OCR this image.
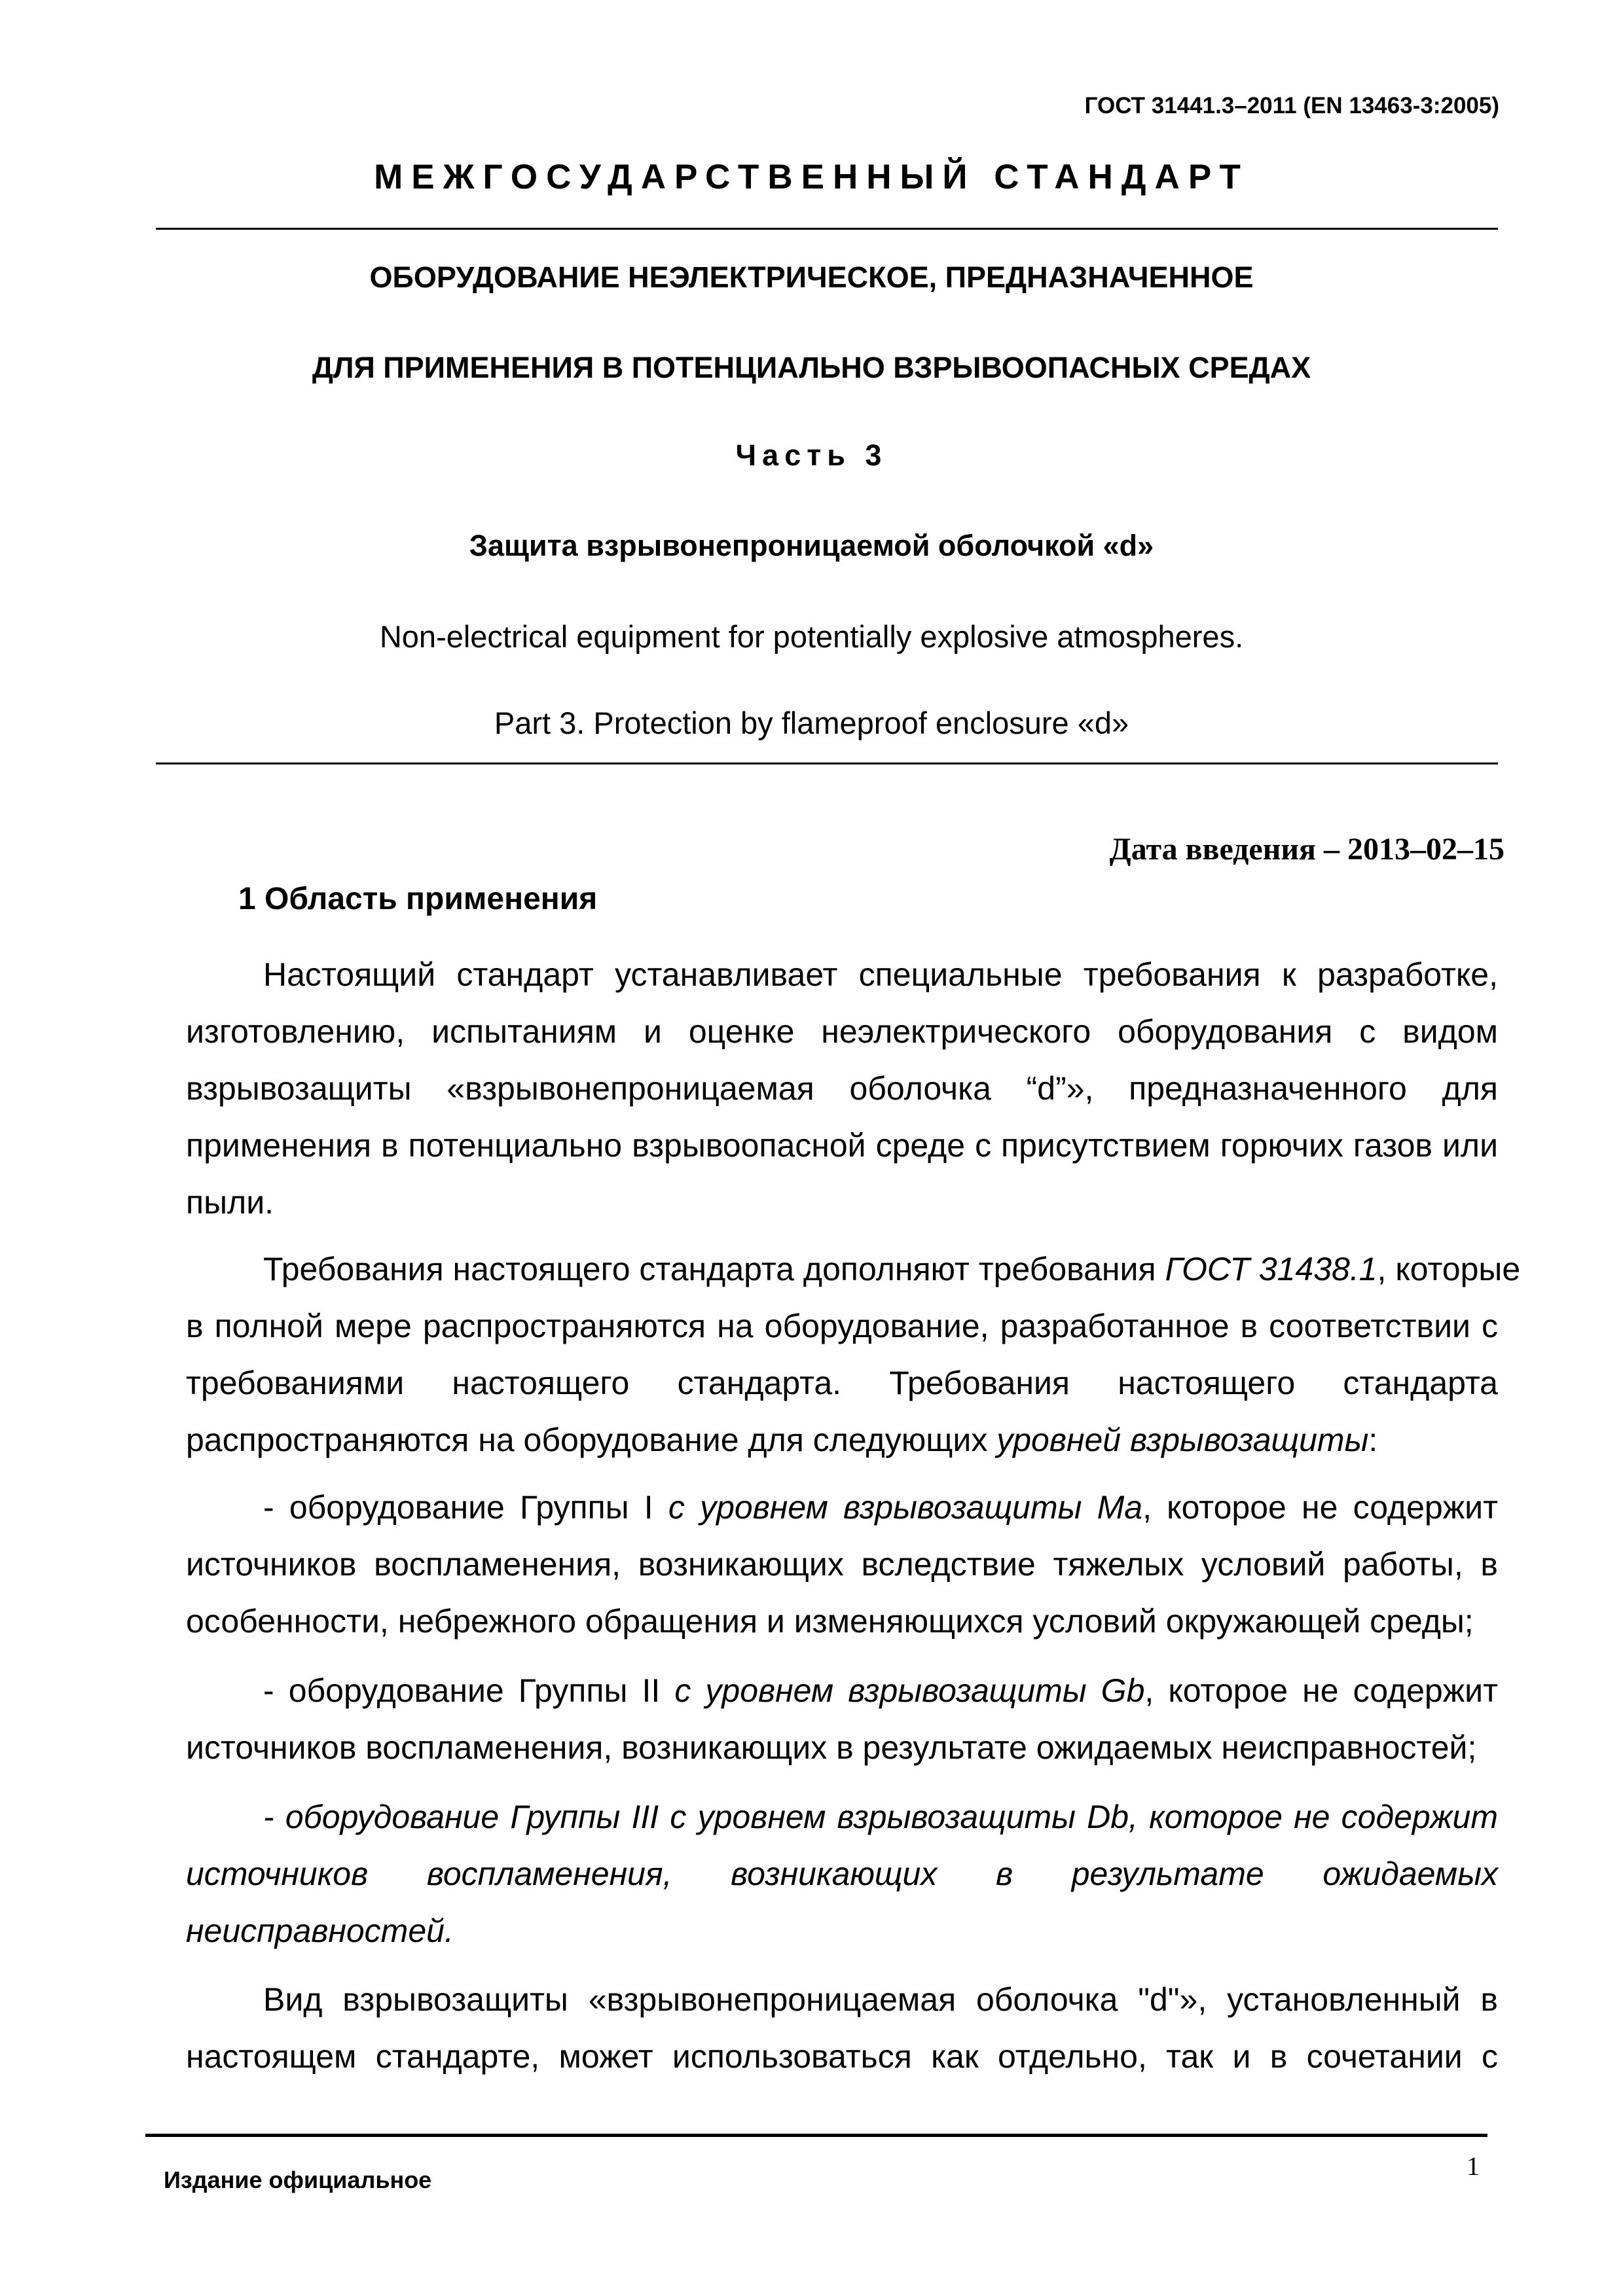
ГОСТ 31441.3–2011 (EN 13463-3:2005)
МЕЖГОСУДАРСТВЕННЫЙ СТАНДАРТ
ОБОРУДОВАНИЕ НЕЭЛЕКТРИЧЕСКОЕ, ПРЕДНАЗНАЧЕННОЕ
ДЛЯ ПРИМЕНЕНИЯ В ПОТЕНЦИАЛЬНО ВЗРЫВООПАСНЫХ СРЕДАХ
Часть 3
Защита взрывонепроницаемой оболочкой «d»
Non-electrical equipment for potentially explosive atmospheres.
Part 3. Protection by flameproof enclosure «d»
Дата введения – 2013–02–15
1 Область применения
Настоящий стандарт устанавливает специальные требования к разработке,
изготовлению, испытаниям и оценке неэлектрического оборудования с видом
взрывозащиты «взрывонепроницаемая оболочка “d”», предназначенного для
применения в потенциально взрывоопасной среде с присутствием горючих газов или
пыли.
Требования настоящего стандарта дополняют требования ГОСТ 31438.1, которые
в полной мере распространяются на оборудование, разработанное в соответствии с
требованиями настоящего стандарта. Требования настоящего стандарта
распространяются на оборудование для следующих уровней взрывозащиты:
- оборудование Группы I с уровнем взрывозащиты Ma, которое не содержит
источников воспламенения, возникающих вследствие тяжелых условий работы, в
особенности, небрежного обращения и изменяющихся условий окружающей среды;
- оборудование Группы II с уровнем взрывозащиты Gb, которое не содержит
источников воспламенения, возникающих в результате ожидаемых неисправностей;
- оборудование Группы III с уровнем взрывозащиты Db, которое не содержит
источников воспламенения, возникающих в результате ожидаемых
неисправностей.
Вид взрывозащиты «взрывонепроницаемая оболочка "d"», установленный в
настоящем стандарте, может использоваться как отдельно, так и в сочетании с
Издание официальное	1
